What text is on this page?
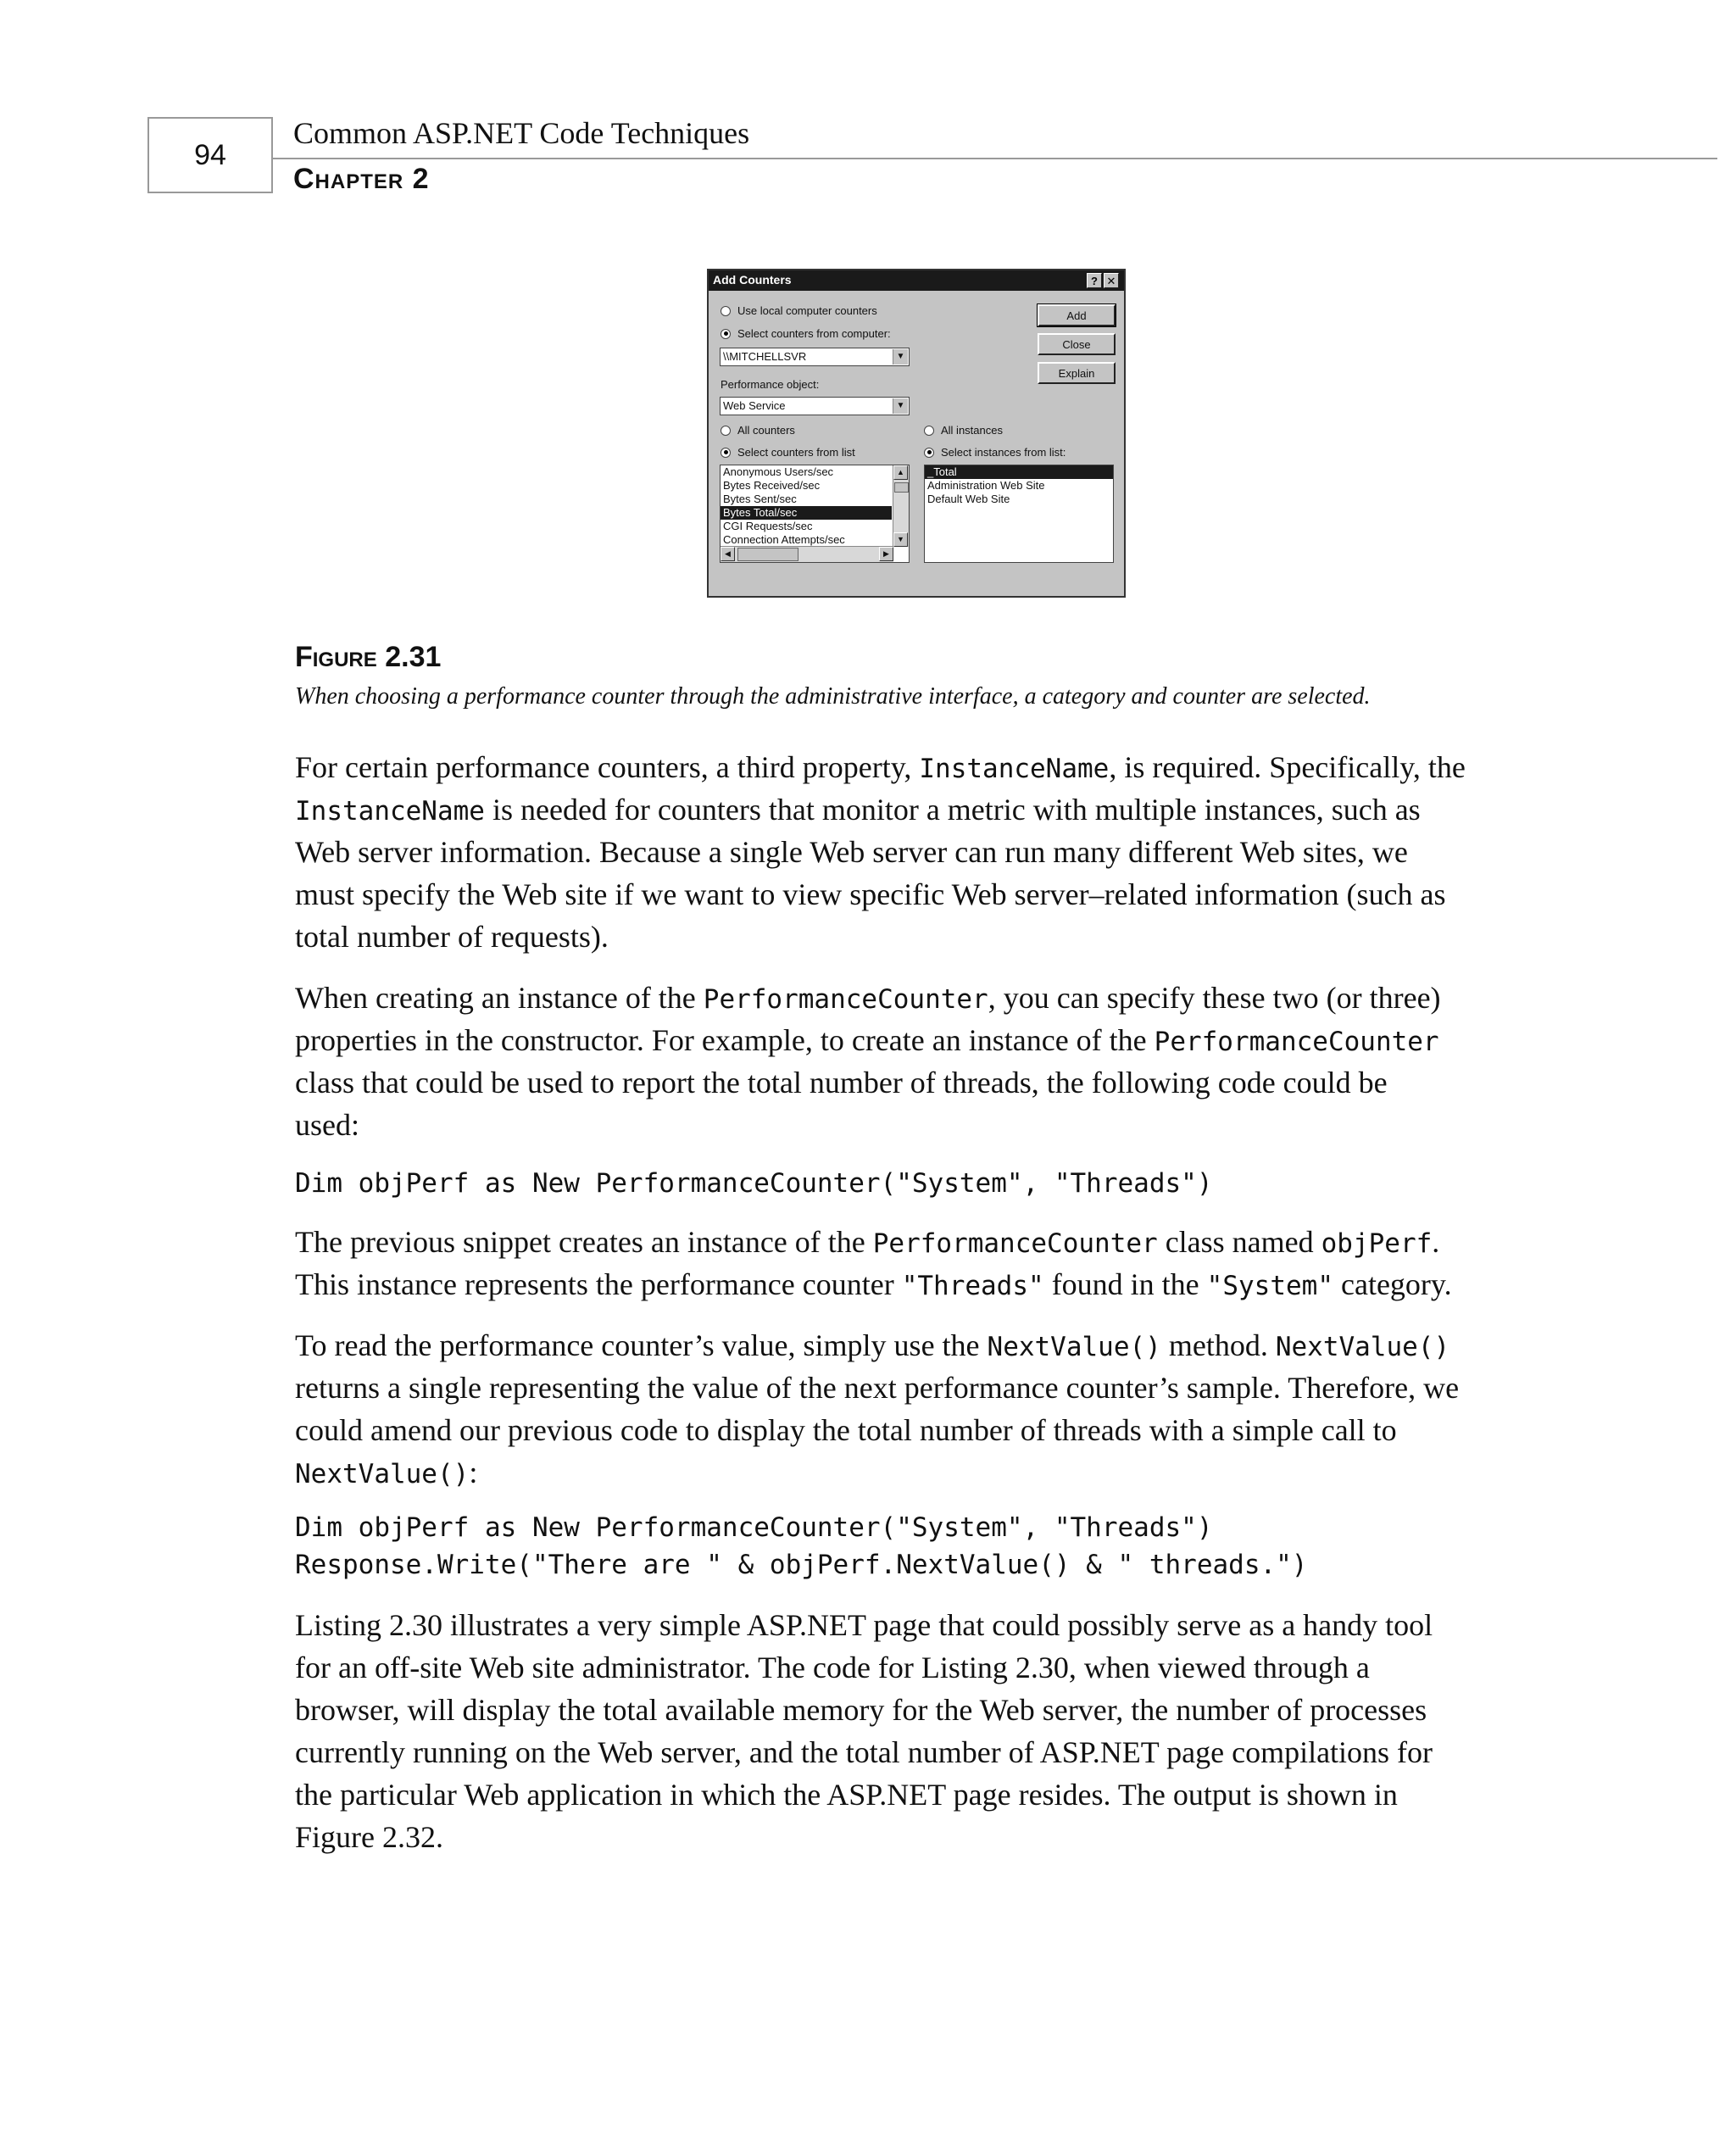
94
Common ASP.NET Code Techniques
Chapter 2
Add Counters	? ✕
Use local computer counters
Select counters from computer:
\\MITCHELLSVR	▼
Performance object:
Web Service	▼
All counters
Select counters from list
All instances
Select instances from list:
Add
Close
Explain
Anonymous Users/sec
Bytes Received/sec
Bytes Sent/sec
Bytes Total/sec
CGI Requests/sec
Connection Attempts/sec
▲
▼
◀	▶
_Total
Administration Web Site
Default Web Site
Figure 2.31
When choosing a performance counter through the administrative interface, a category and counter are selected.
For certain performance counters, a third property, InstanceName, is required. Specifically, the
InstanceName is needed for counters that monitor a metric with multiple instances, such as
Web server information. Because a single Web server can run many different Web sites, we
must specify the Web site if we want to view specific Web server–related information (such as
total number of requests).
When creating an instance of the PerformanceCounter, you can specify these two (or three)
properties in the constructor. For example, to create an instance of the PerformanceCounter
class that could be used to report the total number of threads, the following code could be
used:
Dim objPerf as New PerformanceCounter("System", "Threads")
The previous snippet creates an instance of the PerformanceCounter class named objPerf.
This instance represents the performance counter "Threads" found in the "System" category.
To read the performance counter’s value, simply use the NextValue() method. NextValue()
returns a single representing the value of the next performance counter’s sample. Therefore, we
could amend our previous code to display the total number of threads with a simple call to
NextValue():
Dim objPerf as New PerformanceCounter("System", "Threads")
Response.Write("There are " & objPerf.NextValue() & " threads.")
Listing 2.30 illustrates a very simple ASP.NET page that could possibly serve as a handy tool
for an off-site Web site administrator. The code for Listing 2.30, when viewed through a
browser, will display the total available memory for the Web server, the number of processes
currently running on the Web server, and the total number of ASP.NET page compilations for
the particular Web application in which the ASP.NET page resides. The output is shown in
Figure 2.32.
